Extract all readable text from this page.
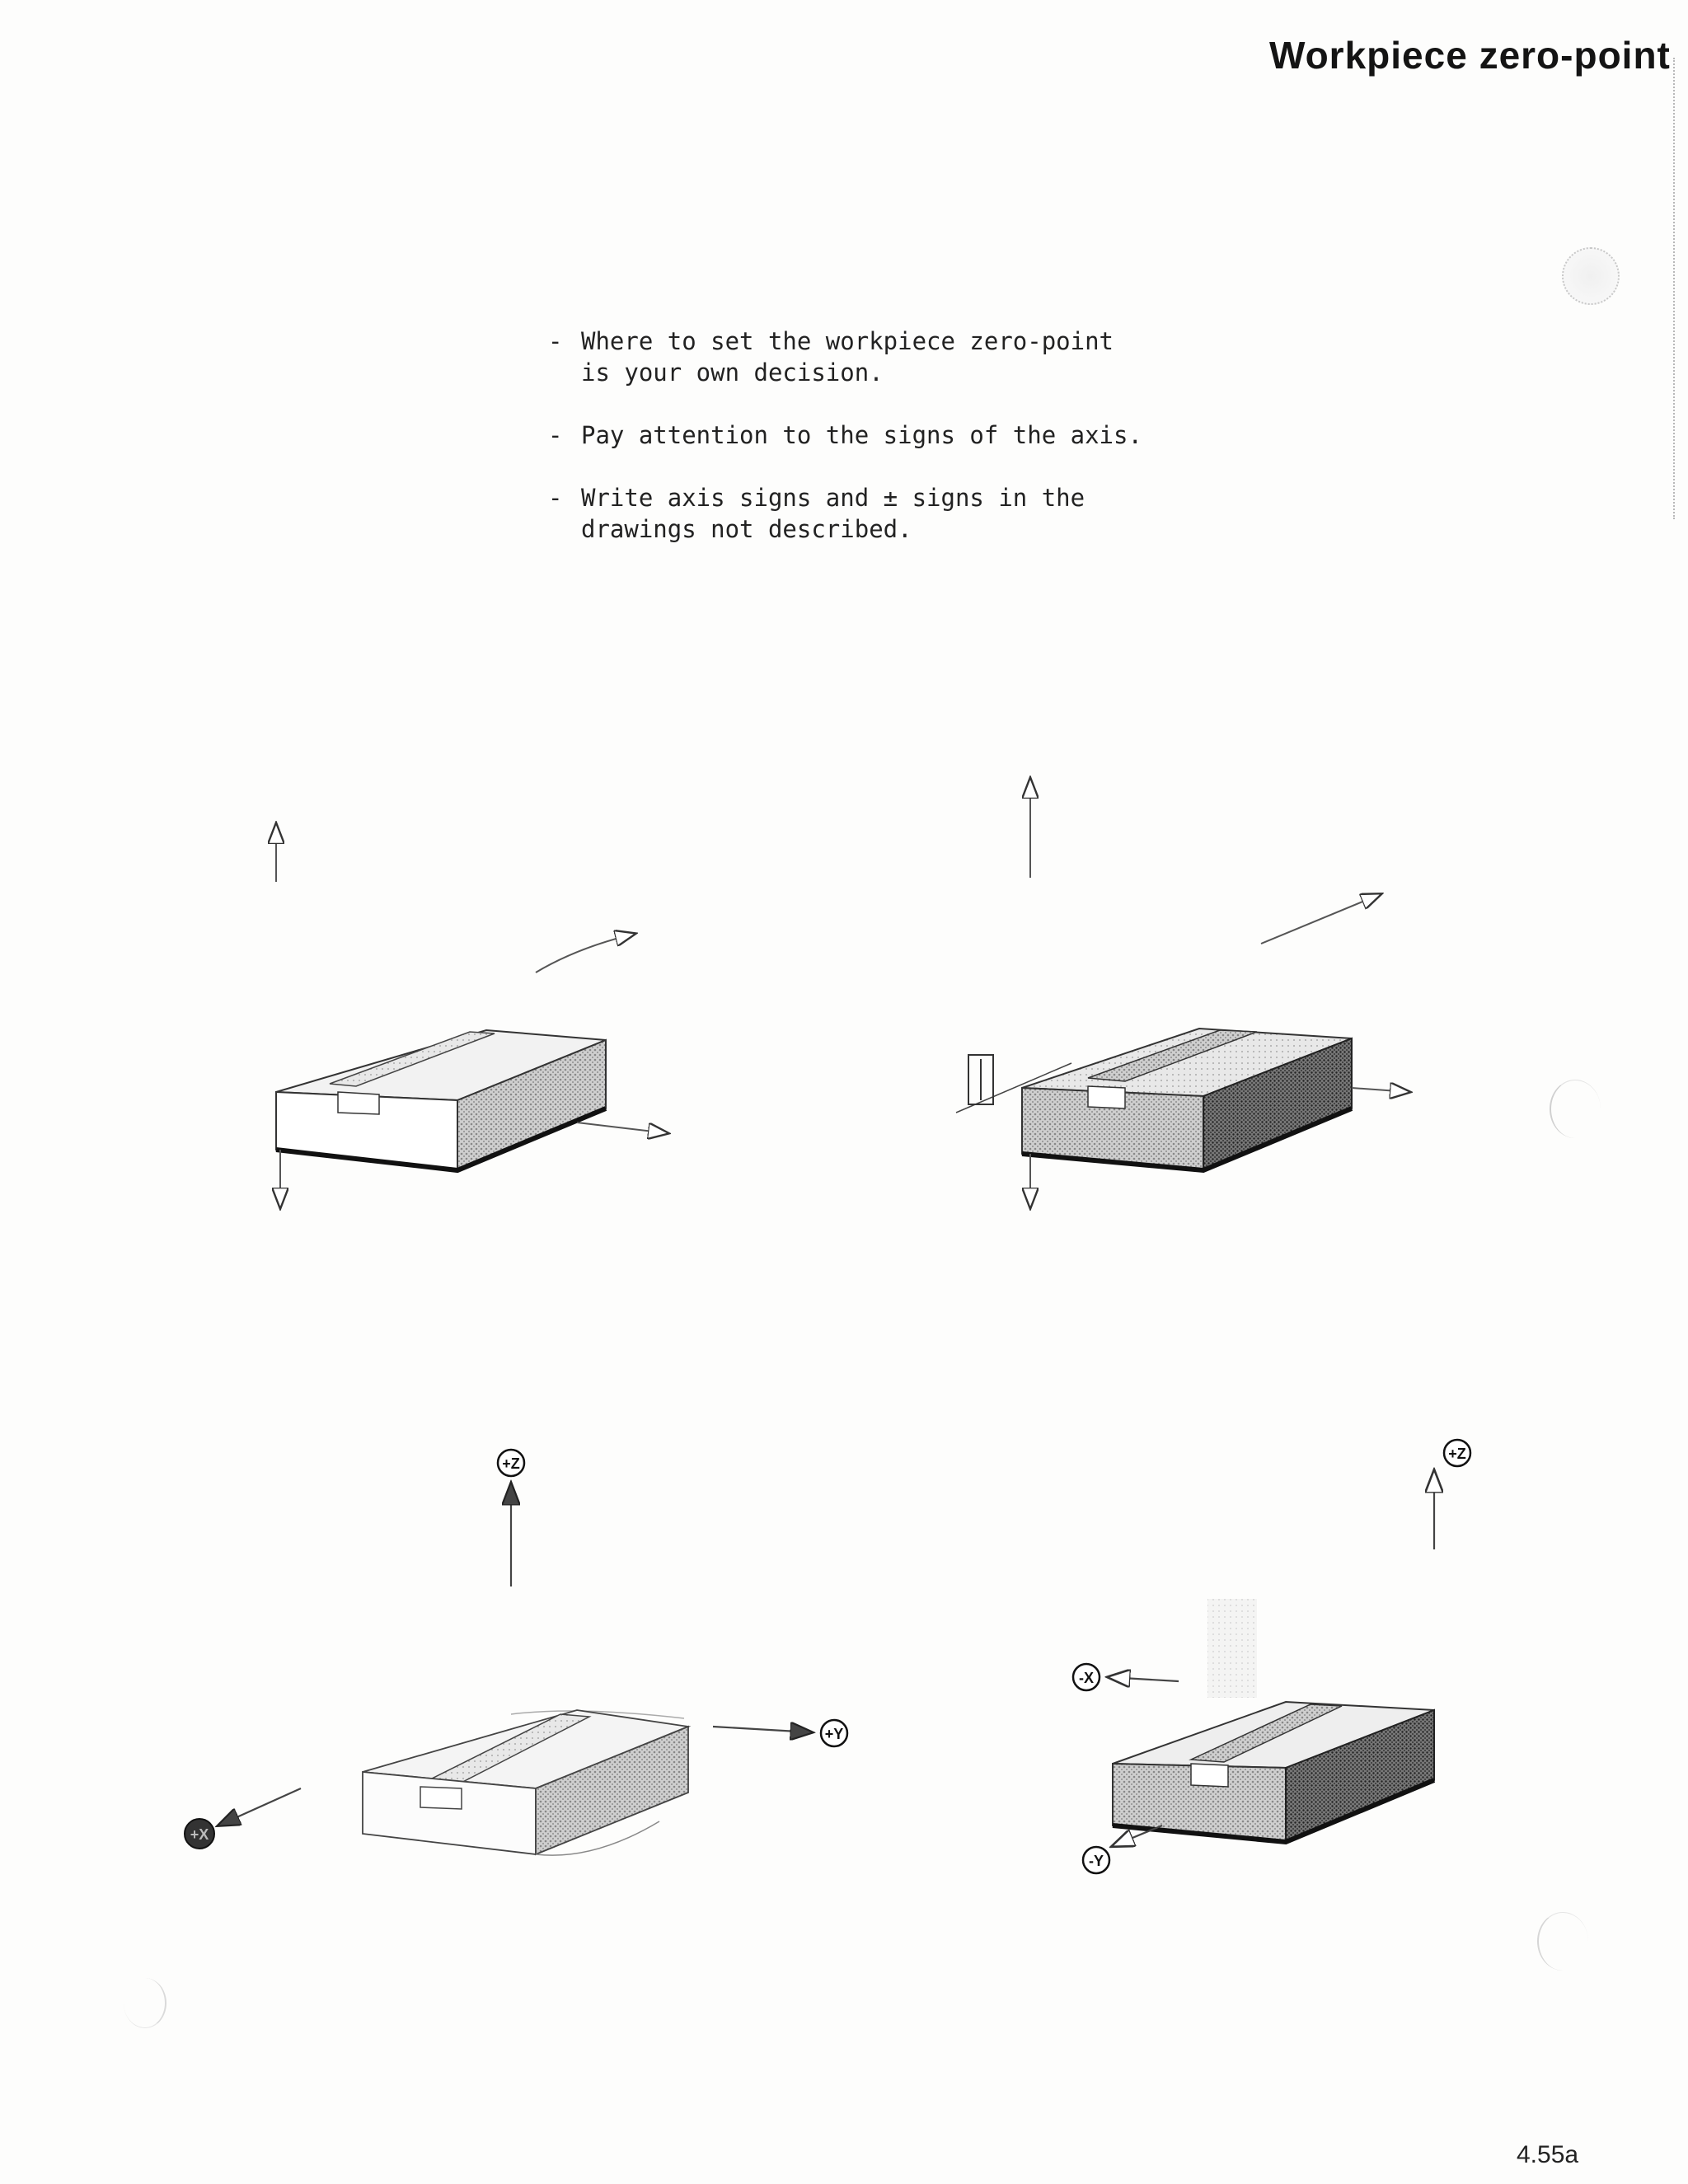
Workpiece zero-point
- Where to set the workpiece zero-point
is your own decision.
- Pay attention to the signs of the axis.
- Write axis signs and ± signs in the
drawings not described.
+Z
+Y
+X
+Z
-X
-Y
4.55a
